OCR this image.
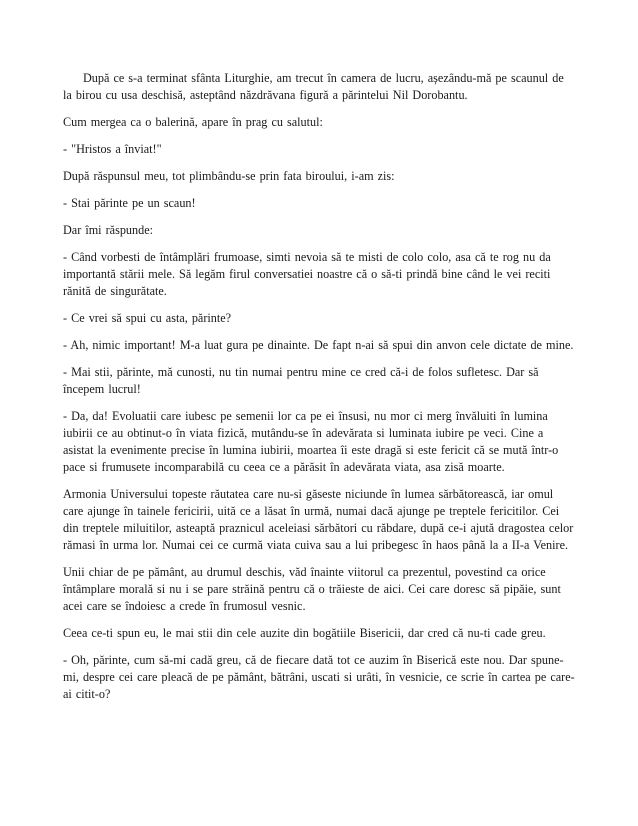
După ce s-a terminat sfânta Liturghie, am trecut în camera de lucru, așezându-mă pe scaunul de la birou cu usa deschisă, asteptând năzdrăvana figură a părintelui Nil Dorobantu.

Cum mergea ca o balerină, apare în prag cu salutul:

- "Hristos a înviat!"

După răspunsul meu, tot plimbându-se prin fata biroului, i-am zis:

- Stai părinte pe un scaun!

Dar îmi răspunde:

- Când vorbesti de întâmplări frumoase, simti nevoia să te misti de colo colo, asa că te rog nu da importantă stării mele. Să legăm firul conversatiei noastre că o să-ti prindă bine când le vei reciti rănită de singurătate.

- Ce vrei să spui cu asta, părinte?

- Ah, nimic important! M-a luat gura pe dinainte. De fapt n-ai să spui din anvon cele dictate de mine.

- Mai stii, părinte, mă cunosti, nu tin numai pentru mine ce cred că-i de folos sufletesc. Dar să începem lucrul!

- Da, da! Evoluatii care iubesc pe semenii lor ca pe ei însusi, nu mor ci merg învăluiti în lumina iubirii ce au obtinut-o în viata fizică, mutându-se în adevărata si luminata iubire pe veci. Cine a asistat la evenimente precise în lumina iubirii, moartea îi este dragă si este fericit că se mută într-o pace si frumusete incomparabilă cu ceea ce a părăsit în adevărata viata, asa zisă moarte.

Armonia Universului topeste răutatea care nu-si găseste niciunde în lumea sărbătorească, iar omul care ajunge în tainele fericirii, uită ce a lăsat în urmă, numai dacă ajunge pe treptele fericitilor. Cei din treptele miluitilor, asteaptă praznicul aceleiasi sărbători cu răbdare, după ce-i ajută dragostea celor rămasi în urma lor. Numai cei ce curmă viata cuiva sau a lui pribegesc în haos până la a II-a Venire.

Unii chiar de pe pământ, au drumul deschis, văd înainte viitorul ca prezentul, povestind ca orice întâmplare morală si nu i se pare străină pentru că o trăieste de aici. Cei care doresc să pipăie, sunt acei care se îndoiesc a crede în frumosul vesnic.

Ceea ce-ti spun eu, le mai stii din cele auzite din bogătiile Bisericii, dar cred că nu-ti cade greu.

- Oh, părinte, cum să-mi cadă greu, că de fiecare dată tot ce auzim în Biserică este nou. Dar spune-mi, despre cei care pleacă de pe pământ, bătrâni, uscati si urâti, în vesnicie, ce scrie în cartea pe care-ai citit-o?
